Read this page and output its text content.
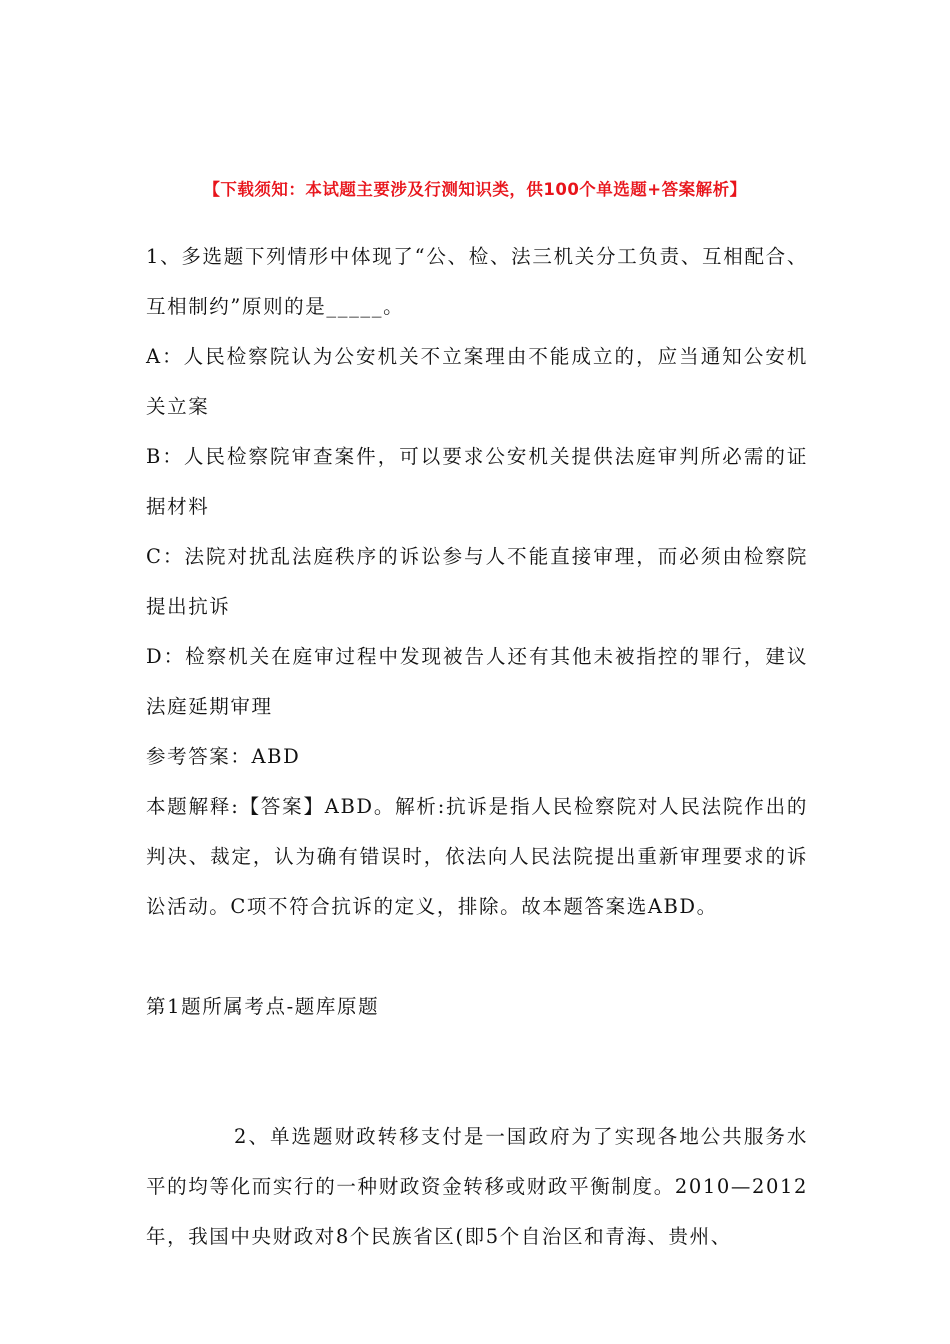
【下载须知：本试题主要涉及行测知识类，供100个单选题+答案解析】

1、多选题下列情形中体现了“公、检、法三机关分工负责、互相配合、互相制约”原则的是_____。

A：人民检察院认为公安机关不立案理由不能成立的，应当通知公安机关立案

B：人民检察院审查案件，可以要求公安机关提供法庭审判所必需的证据材料

C：法院对扰乱法庭秩序的诉讼参与人不能直接审理，而必须由检察院提出抗诉

D：检察机关在庭审过程中发现被告人还有其他未被指控的罪行，建议法庭延期审理

参考答案：ABD

本题解释:【答案】ABD。解析:抗诉是指人民检察院对人民法院作出的判决、裁定，认为确有错误时，依法向人民法院提出重新审理要求的诉讼活动。C项不符合抗诉的定义，排除。故本题答案选ABD。

第1题所属考点-题库原题

2、单选题财政转移支付是一国政府为了实现各地公共服务水平的均等化而实行的一种财政资金转移或财政平衡制度。2010—2012年，我国中央财政对8个民族省区(即5个自治区和青海、贵州、
